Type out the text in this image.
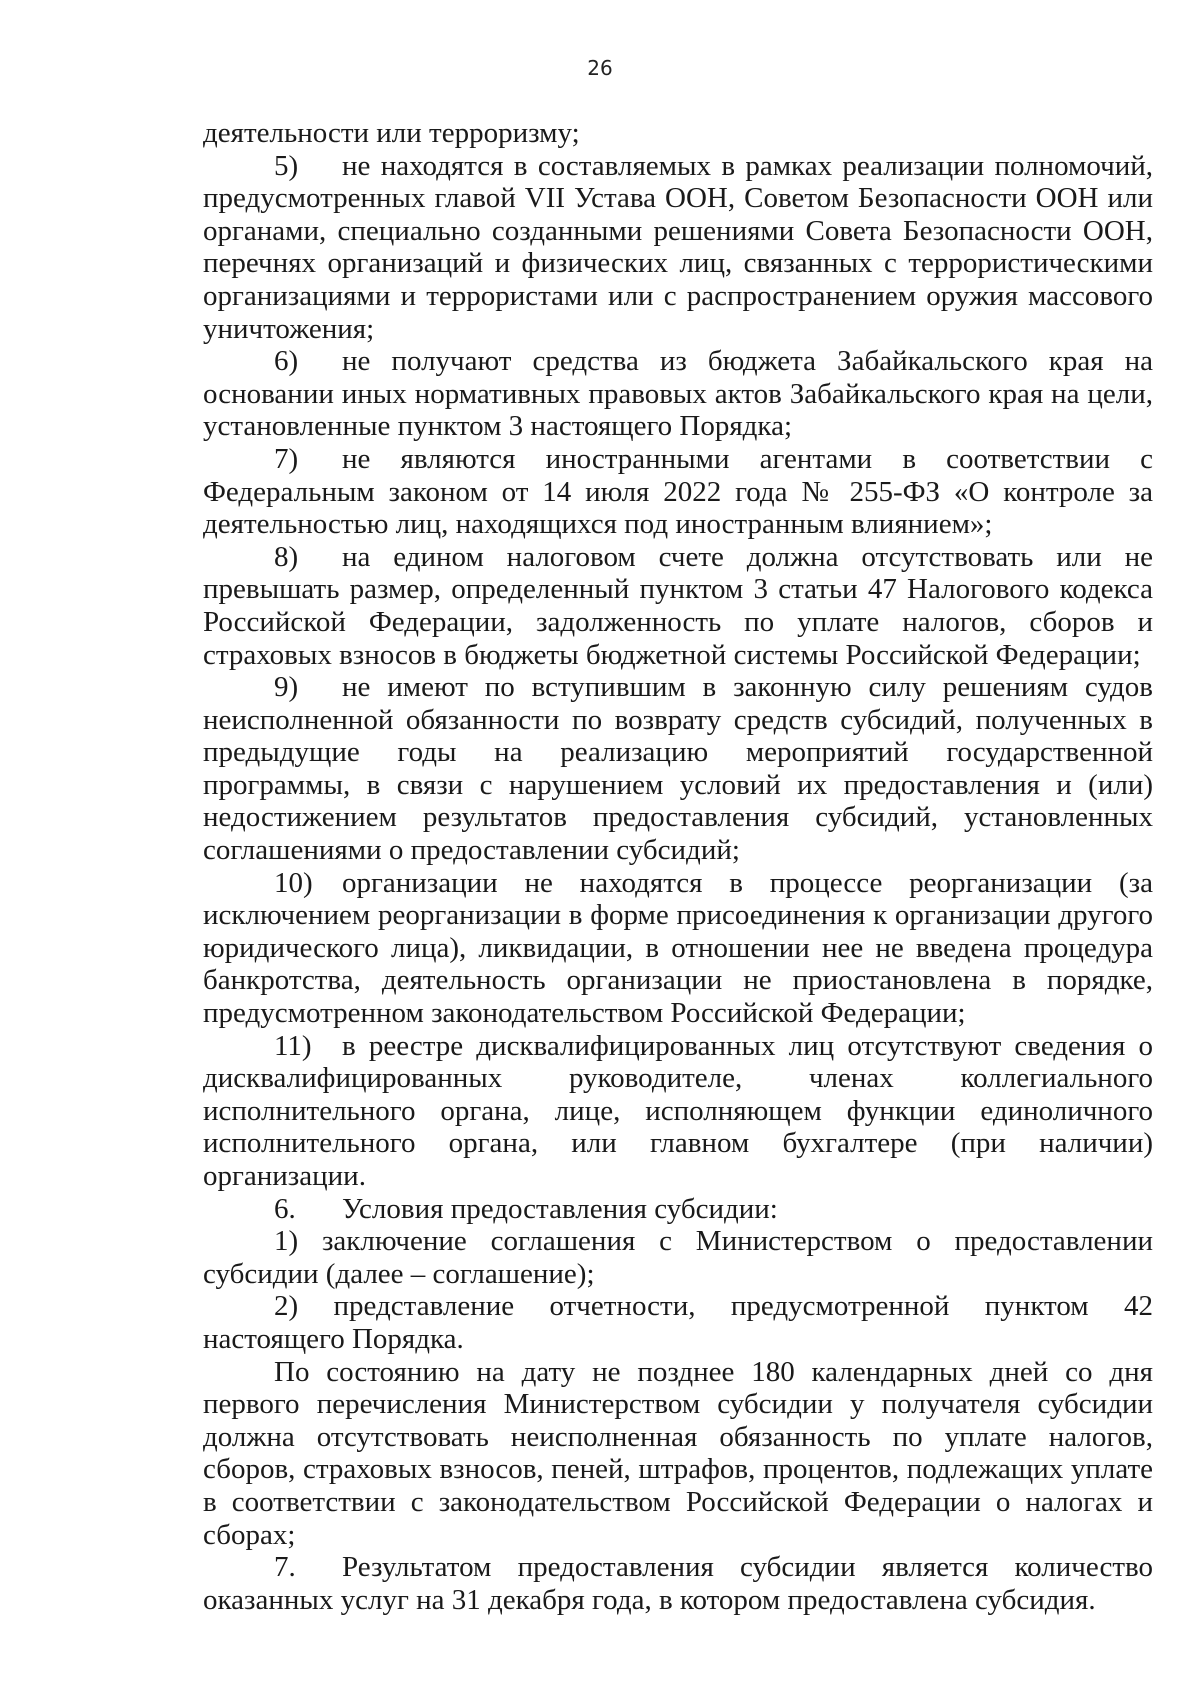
26

деятельности или терроризму;

5) не находятся в составляемых в рамках реализации полномочий, предусмотренных главой VII Устава ООН, Советом Безопасности ООН или органами, специально созданными решениями Совета Безопасности ООН, перечнях организаций и физических лиц, связанных с террористическими организациями и террористами или с распространением оружия массового уничтожения;

6) не получают средства из бюджета Забайкальского края на основании иных нормативных правовых актов Забайкальского края на цели, установленные пунктом 3 настоящего Порядка;

7) не являются иностранными агентами в соответствии с Федеральным законом от 14 июля 2022 года № 255-ФЗ «О контроле за деятельностью лиц, находящихся под иностранным влиянием»;

8) на едином налоговом счете должна отсутствовать или не превышать размер, определенный пунктом 3 статьи 47 Налогового кодекса Российской Федерации, задолженность по уплате налогов, сборов и страховых взносов в бюджеты бюджетной системы Российской Федерации;

9) не имеют по вступившим в законную силу решениям судов неисполненной обязанности по возврату средств субсидий, полученных в предыдущие годы на реализацию мероприятий государственной программы, в связи с нарушением условий их предоставления и (или) недостижением результатов предоставления субсидий, установленных соглашениями о предоставлении субсидий;

10) организации не находятся в процессе реорганизации (за исключением реорганизации в форме присоединения к организации другого юридического лица), ликвидации, в отношении нее не введена процедура банкротства, деятельность организации не приостановлена в порядке, предусмотренном законодательством Российской Федерации;

11) в реестре дисквалифицированных лиц отсутствуют сведения о дисквалифицированных руководителе, членах коллегиального исполнительного органа, лице, исполняющем функции единоличного исполнительного органа, или главном бухгалтере (при наличии) организации.

6. Условия предоставления субсидии:

1) заключение соглашения с Министерством о предоставлении субсидии (далее – соглашение);

2) представление отчетности, предусмотренной пунктом 42 настоящего Порядка.

По состоянию на дату не позднее 180 календарных дней со дня первого перечисления Министерством субсидии у получателя субсидии должна отсутствовать неисполненная обязанность по уплате налогов, сборов, страховых взносов, пеней, штрафов, процентов, подлежащих уплате в соответствии с законодательством Российской Федерации о налогах и сборах;

7. Результатом предоставления субсидии является количество оказанных услуг на 31 декабря года, в котором предоставлена субсидия.
